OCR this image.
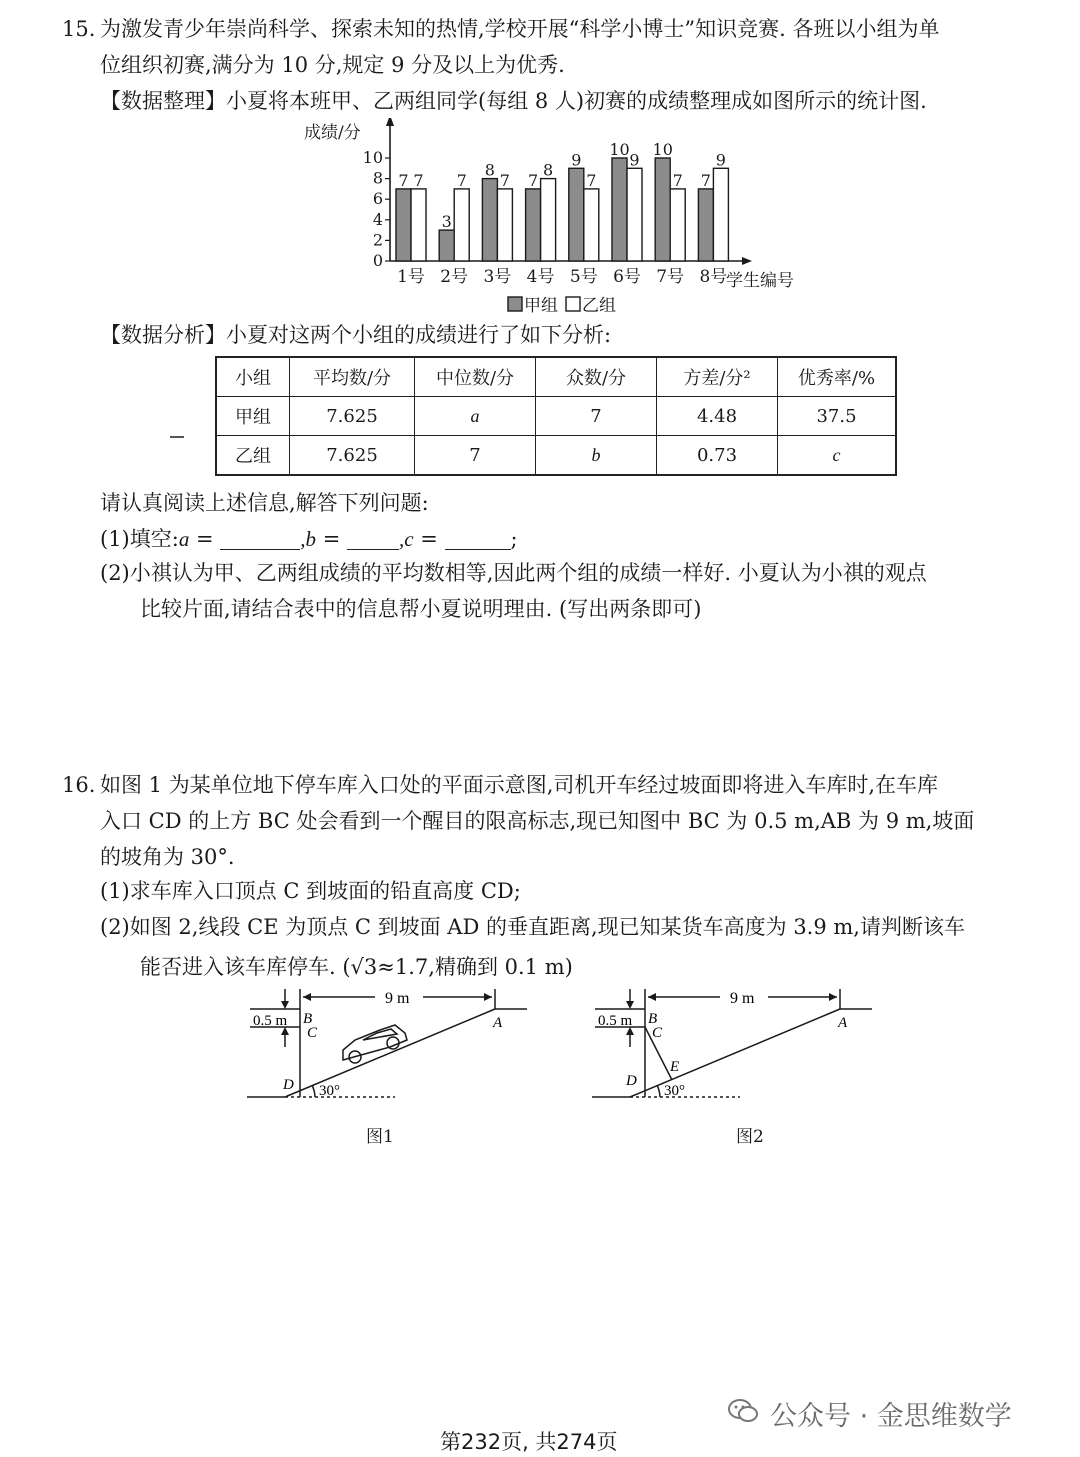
15. 为激发青少年崇尚科学、探索未知的热情,学校开展“科学小博士”知识竞赛. 各班以小组为单
位组织初赛,满分为 10 分,规定 9 分及以上为优秀.
【数据整理】小夏将本班甲、乙两组同学(每组 8 人)初赛的成绩整理成如图所示的统计图.
成绩/分
0
2
4
6
8
10
7 7
1号
3
7
2号
8
7
3号
7
8
4号
9
7
5号
10
9
6号
10
7
7号
7
9
8号
学生编号
甲组 乙组
【数据分析】小夏对这两个小组的成绩进行了如下分析:
小组	平均数/分	中位数/分	众数/分	方差/分²	优秀率/%
甲组	7.625	a	7	4.48	37.5
乙组	7.625	7	b	0.73	c
请认真阅读上述信息,解答下列问题:
(1)填空:a =	,b = ,c =	;
(2)小祺认为甲、乙两组成绩的平均数相等,因此两个组的成绩一样好. 小夏认为小祺的观点
比较片面,请结合表中的信息帮小夏说明理由. (写出两条即可)
16. 如图 1 为某单位地下停车库入口处的平面示意图,司机开车经过坡面即将进入车库时,在车库
入口 CD 的上方 BC 处会看到一个醒目的限高标志,现已知图中 BC 为 0.5 m,AB 为 9 m,坡面
的坡角为 30°.
(1)求车库入口顶点 C 到坡面的铅直高度 CD;
(2)如图 2,线段 CE 为顶点 C 到坡面 AD 的垂直距离,现已知某货车高度为 3.9 m,请判断该车
能否进入该车库停车. (√3≈1.7,精确到 0.1 m)
0.5 m B
C
D
A
9 m
30°
图1
0.5 m B
C
D
E
A
9 m
30°
图2
公众号 · 金思维数学
第232页, 共274页
